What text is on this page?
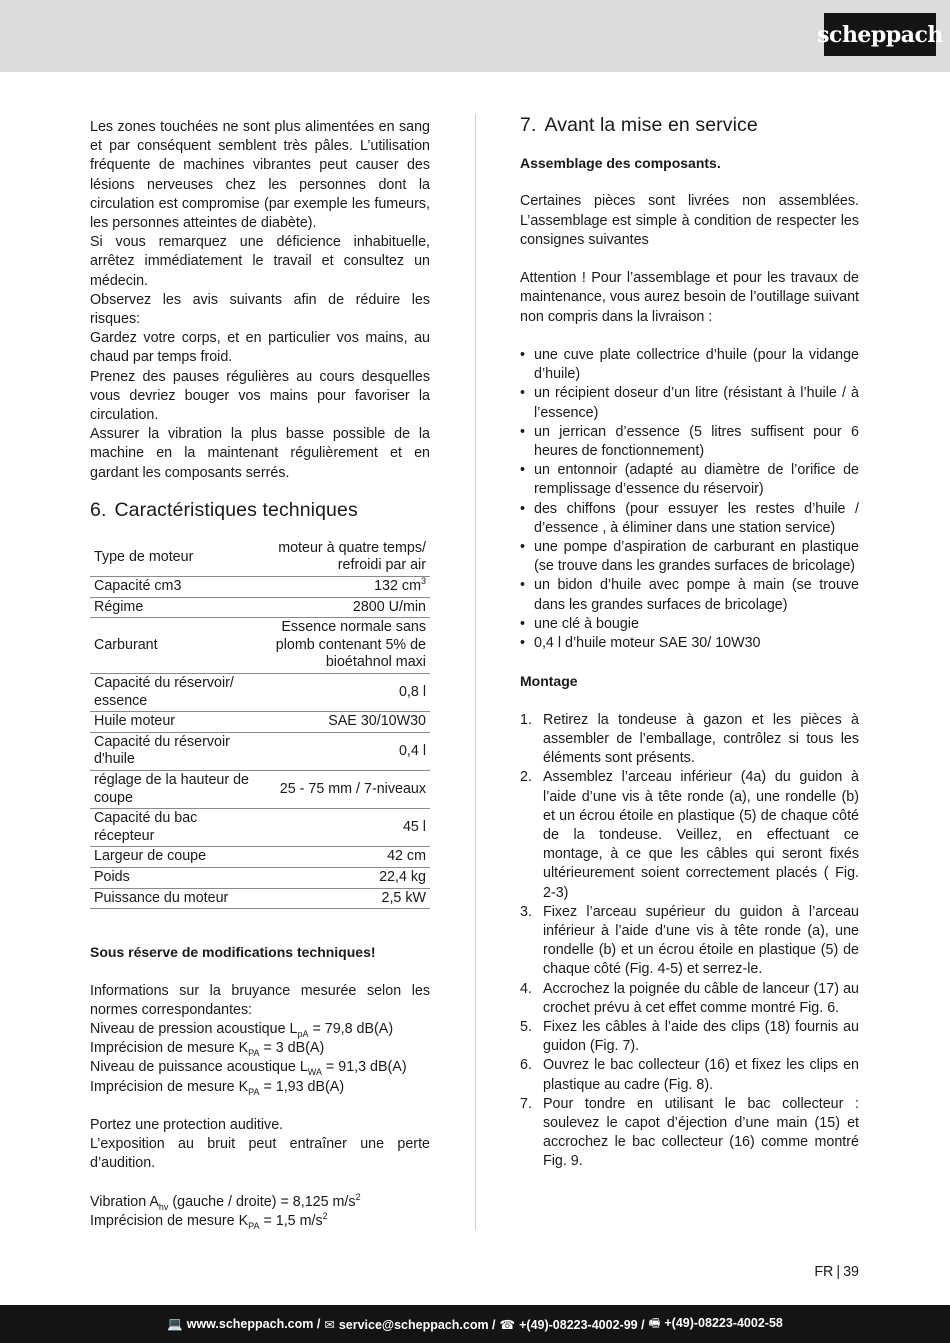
scheppach

Les zones touchées ne sont plus alimentées en sang et par conséquent semblent très pâles. L’utilisation fréquente de machines vibrantes peut causer des lésions nerveuses chez les personnes dont la circulation est compromise (par exemple les fumeurs, les personnes atteintes de diabète).

Si vous remarquez une déficience inhabituelle, arrêtez immédiatement le travail et consultez un médecin.

Observez les avis suivants afin de réduire les risques:

Gardez votre corps, et en particulier vos mains, au chaud par temps froid.

Prenez des pauses régulières au cours desquelles vous devriez bouger vos mains pour favoriser la circulation.

Assurer la vibration la plus basse possible de la machine en la maintenant régulièrement et en gardant les composants serrés.

6. Caractéristiques techniques
Type de moteur	moteur à quatre temps/ refroidi par air
Capacité cm3	132 $cm^3$
Régime	2800 U/min
Carburant	Essence normale sans plomb contenant 5% de bioétahnol maxi
Capacité du réservoir/ essence	0,8 l
Huile moteur	SAE 30/10W30
Capacité du réservoir d'huile	0,4 l
réglage de la hauteur de coupe	25 - 75 mm / 7-niveaux
Capacité du bac récepteur	45 l
Largeur de coupe	42 cm
Poids	22,4 kg
Puissance du moteur	2,5 kW

Sous réserve de modifications techniques!

Informations sur la bruyance mesurée selon les normes correspondantes:

Niveau de pression acoustique $L_{pA} = 79,8$ dB(A)

Imprécision de mesure $K_{PA} = 3$ dB(A)

Niveau de puissance acoustique $L_{WA} = 91,3$ dB(A)

Imprécision de mesure $K_{PA} = 1,93$ dB(A)

Portez une protection auditive.

L’exposition au bruit peut entraîner une perte d’audition.

Vibration $A_{hv}$ (gauche / droite) = 8,125 $m/s^2$

Imprécision de mesure $K_{PA} = 1,5$ $m/s^2$

7. Avant la mise en service

Assemblage des composants.

Certaines pièces sont livrées non assemblées. L’assemblage est simple à condition de respecter les consignes suivantes

Attention ! Pour l’assemblage et pour les travaux de maintenance, vous aurez besoin de l’outillage suivant non compris dans la livraison :

• une cuve plate collectrice d’huile (pour la vidange d’huile)
• un récipient doseur d’un litre (résistant à l’huile / à l’essence)
• un jerrican d’essence (5 litres suffisent pour 6 heures de fonctionnement)
• un entonnoir (adapté au diamètre de l’orifice de remplissage d’essence du réservoir)
• des chiffons (pour essuyer les restes d’huile / d’essence , à éliminer dans une station service)
• une pompe d’aspiration de carburant en plastique (se trouve dans les grandes surfaces de bricolage)
• un bidon d’huile avec pompe à main (se trouve dans les grandes surfaces de bricolage)
• une clé à bougie
• 0,4 l d’huile moteur SAE 30/ 10W30

Montage

1. Retirez la tondeuse à gazon et les pièces à assembler de l’emballage, contrôlez si tous les éléments sont présents.
2. Assemblez l’arceau inférieur (4a) du guidon à l’aide d’une vis à tête ronde (a), une rondelle (b) et un écrou étoile en plastique (5) de chaque côté de la tondeuse. Veillez, en effectuant ce montage, à ce que les câbles qui seront fixés ultérieurement soient correctement placés ( Fig. 2-3)
3. Fixez l’arceau supérieur du guidon à l’arceau inférieur à l’aide d’une vis à tête ronde (a), une rondelle (b) et un écrou étoile en plastique (5) de chaque côté (Fig. 4-5) et serrez-le.
4. Accrochez la poignée du câble de lanceur (17) au crochet prévu à cet effet comme montré Fig. 6.
5. Fixez les câbles à l’aide des clips (18) fournis au guidon (Fig. 7).
6. Ouvrez le bac collecteur (16) et fixez les clips en plastique au cadre (Fig. 8).
7. Pour tondre en utilisant le bac collecteur : soulevez le capot d’éjection d’une main (15) et accrochez le bac collecteur (16) comme montré Fig. 9.
FR | 39
💻 www.scheppach.com / ✉ service@scheppach.com / ☎ +(49)-08223-4002-99 / 🖷 +(49)-08223-4002-58
